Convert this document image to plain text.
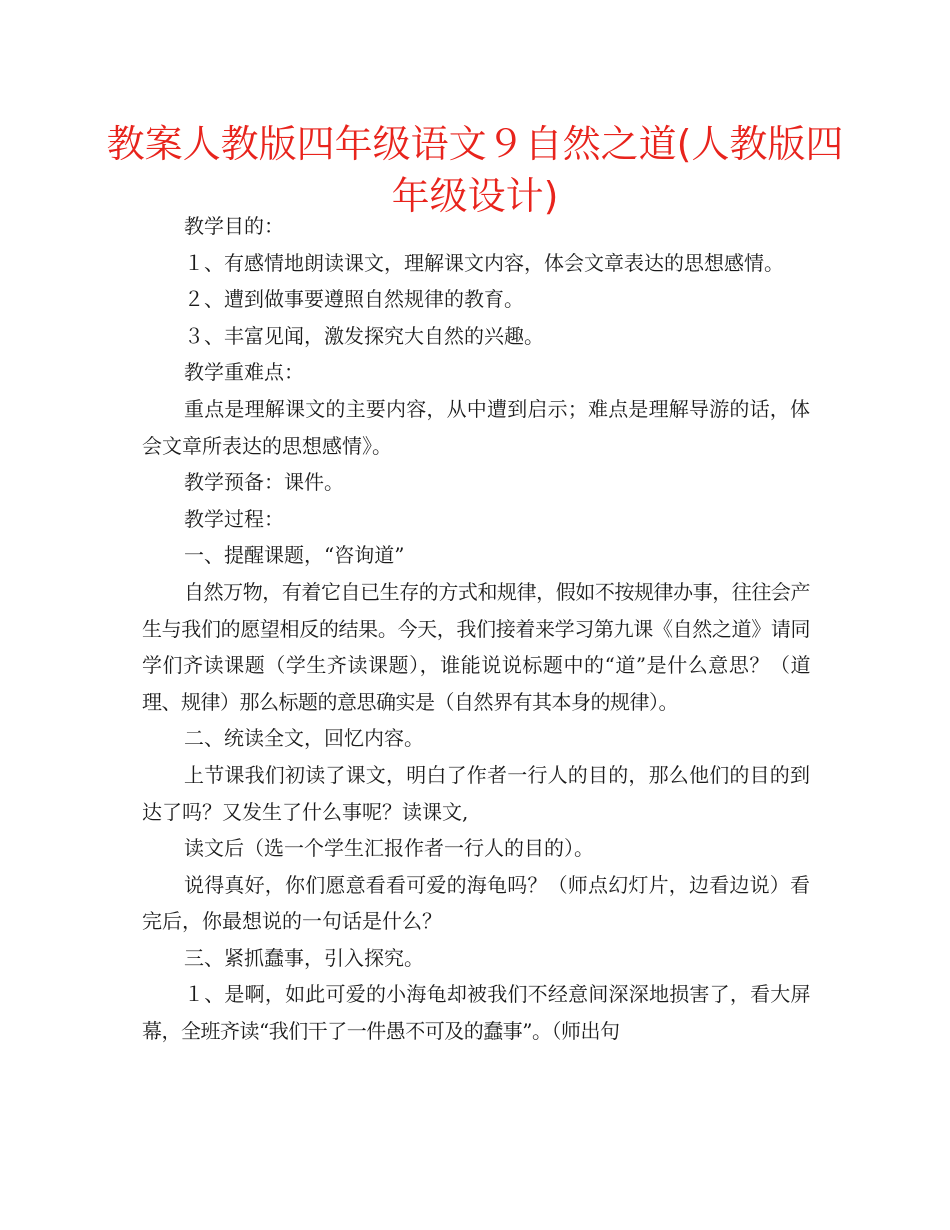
教案人教版四年级语文９自然之道(人教版四年级设计)

教学目的：

１、有感情地朗读课文，理解课文内容，体会文章表达的思想感情。

２、遭到做事要遵照自然规律的教育。

３、丰富见闻，激发探究大自然的兴趣。

教学重难点：

重点是理解课文的主要内容，从中遭到启示；难点是理解导游的话，体会文章所表达的思想感情》。

教学预备：课件。

教学过程：

一、提醒课题，“咨询道”

自然万物，有着它自已生存的方式和规律，假如不按规律办事，往往会产生与我们的愿望相反的结果。今天，我们接着来学习第九课《自然之道》请同学们齐读课题（学生齐读课题），谁能说说标题中的“道”是什么意思？（道理、规律）那么标题的意思确实是（自然界有其本身的规律）。

二、统读全文，回忆内容。

上节课我们初读了课文，明白了作者一行人的目的，那么他们的目的到达了吗？又发生了什么事呢？读课文,

读文后（选一个学生汇报作者一行人的目的）。

说得真好，你们愿意看看可爱的海龟吗？（师点幻灯片，边看边说）看完后，你最想说的一句话是什么？

三、紧抓蠢事，引入探究。

１、是啊，如此可爱的小海龟却被我们不经意间深深地损害了，看大屏幕，全班齐读“我们干了一件愚不可及的蠢事”。（师出句
